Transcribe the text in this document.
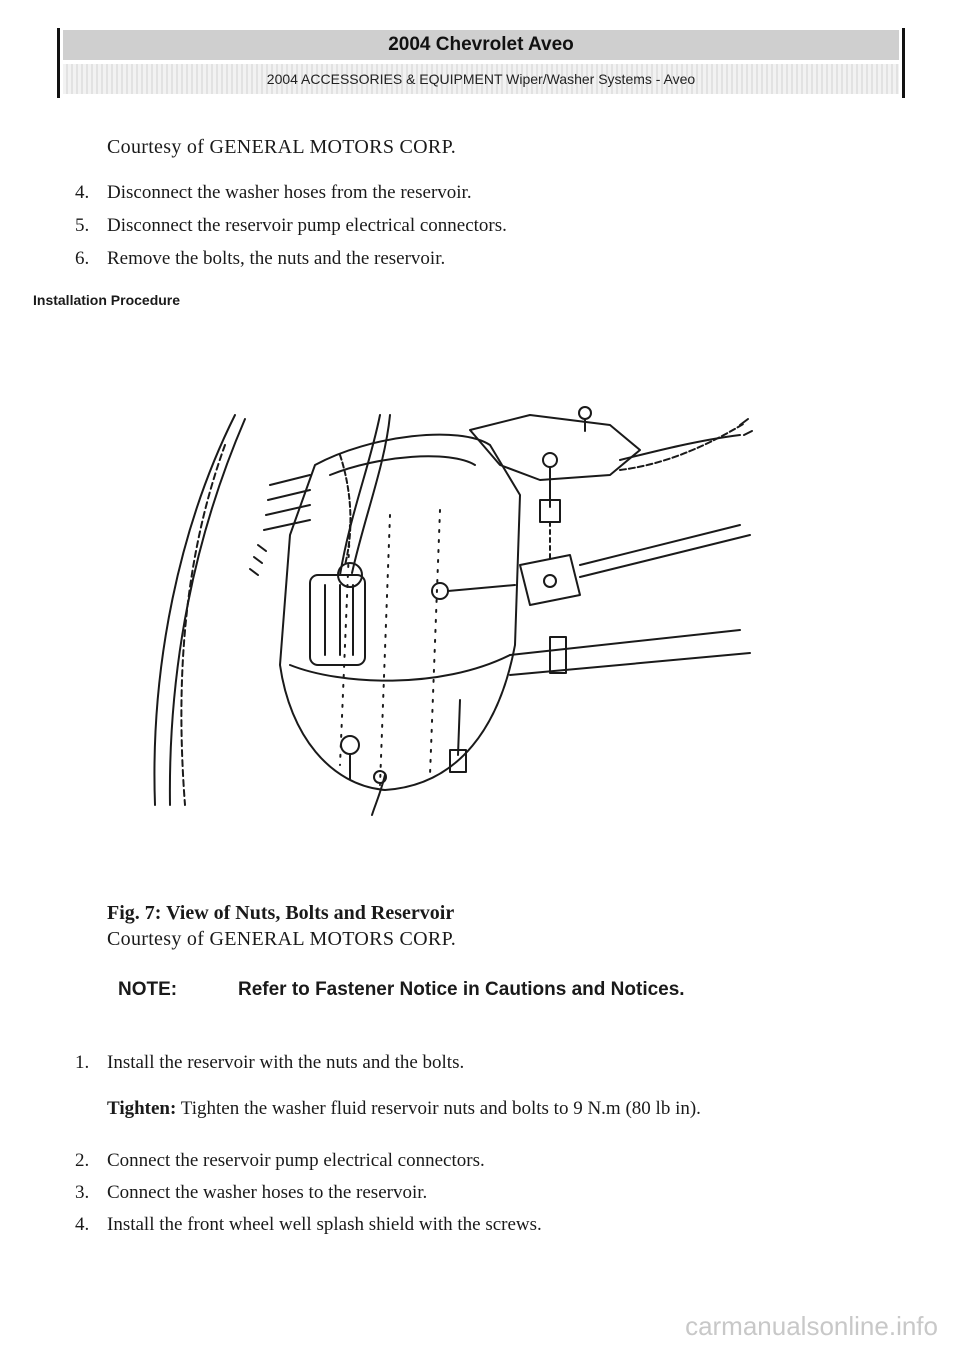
2004 Chevrolet Aveo
2004 ACCESSORIES & EQUIPMENT Wiper/Washer Systems - Aveo
Courtesy of GENERAL MOTORS CORP.
4. Disconnect the washer hoses from the reservoir.
5. Disconnect the reservoir pump electrical connectors.
6. Remove the bolts, the nuts and the reservoir.
Installation Procedure
Fig. 7: View of Nuts, Bolts and Reservoir
Courtesy of GENERAL MOTORS CORP.
NOTE:	Refer to Fastener Notice in Cautions and Notices.
1. Install the reservoir with the nuts and the bolts.
Tighten: Tighten the washer fluid reservoir nuts and bolts to 9 N.m (80 lb in).
2. Connect the reservoir pump electrical connectors.
3. Connect the washer hoses to the reservoir.
4. Install the front wheel well splash shield with the screws.
carmanualsonline.info
